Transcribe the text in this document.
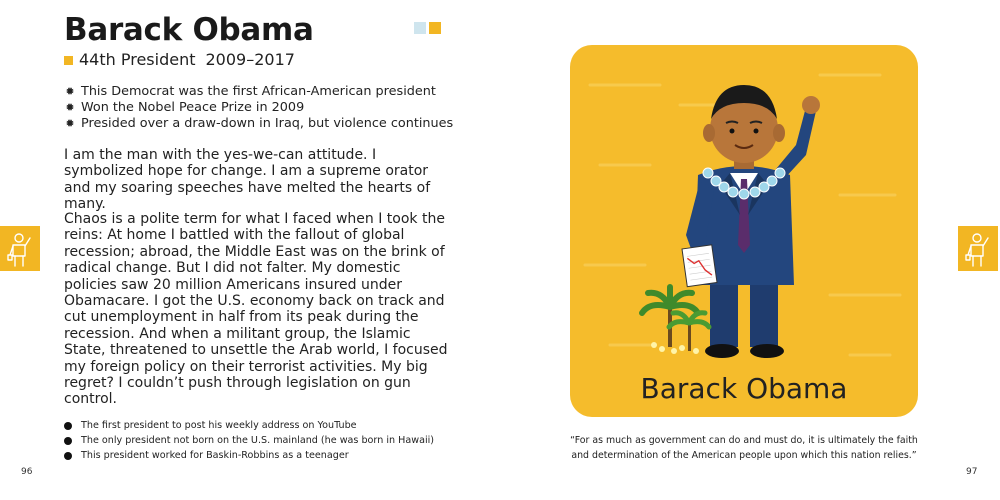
Barack Obama
44th President 2009–2017
✹ This Democrat was the first African-American president
✹ Won the Nobel Peace Prize in 2009
✹ Presided over a draw-down in Iraq, but violence continues
I am the man with the yes-we-can attitude. I symbolized hope for change. I am a supreme orator and my soaring speeches have melted the hearts of many.
Chaos is a polite term for what I faced when I took the reins: At home I battled with the fallout of global recession; abroad, the Middle East was on the brink of radical change. But I did not falter. My domestic policies saw 20 million Americans insured under Obamacare. I got the U.S. economy back on track and cut unemployment in half from its peak during the recession. And when a militant group, the Islamic State, threatened to unsettle the Arab world, I focused my foreign policy on their terrorist activities. My big regret? I couldn’t push through legislation on gun control.
The first president to post his weekly address on YouTube
The only president not born on the U.S. mainland (he was born in Hawaii)
This president worked for Baskin-Robbins as a teenager
96	97
Barack Obama
“For as much as government can do and must do, it is ultimately the faith
and determination of the American people upon which this nation relies.”
